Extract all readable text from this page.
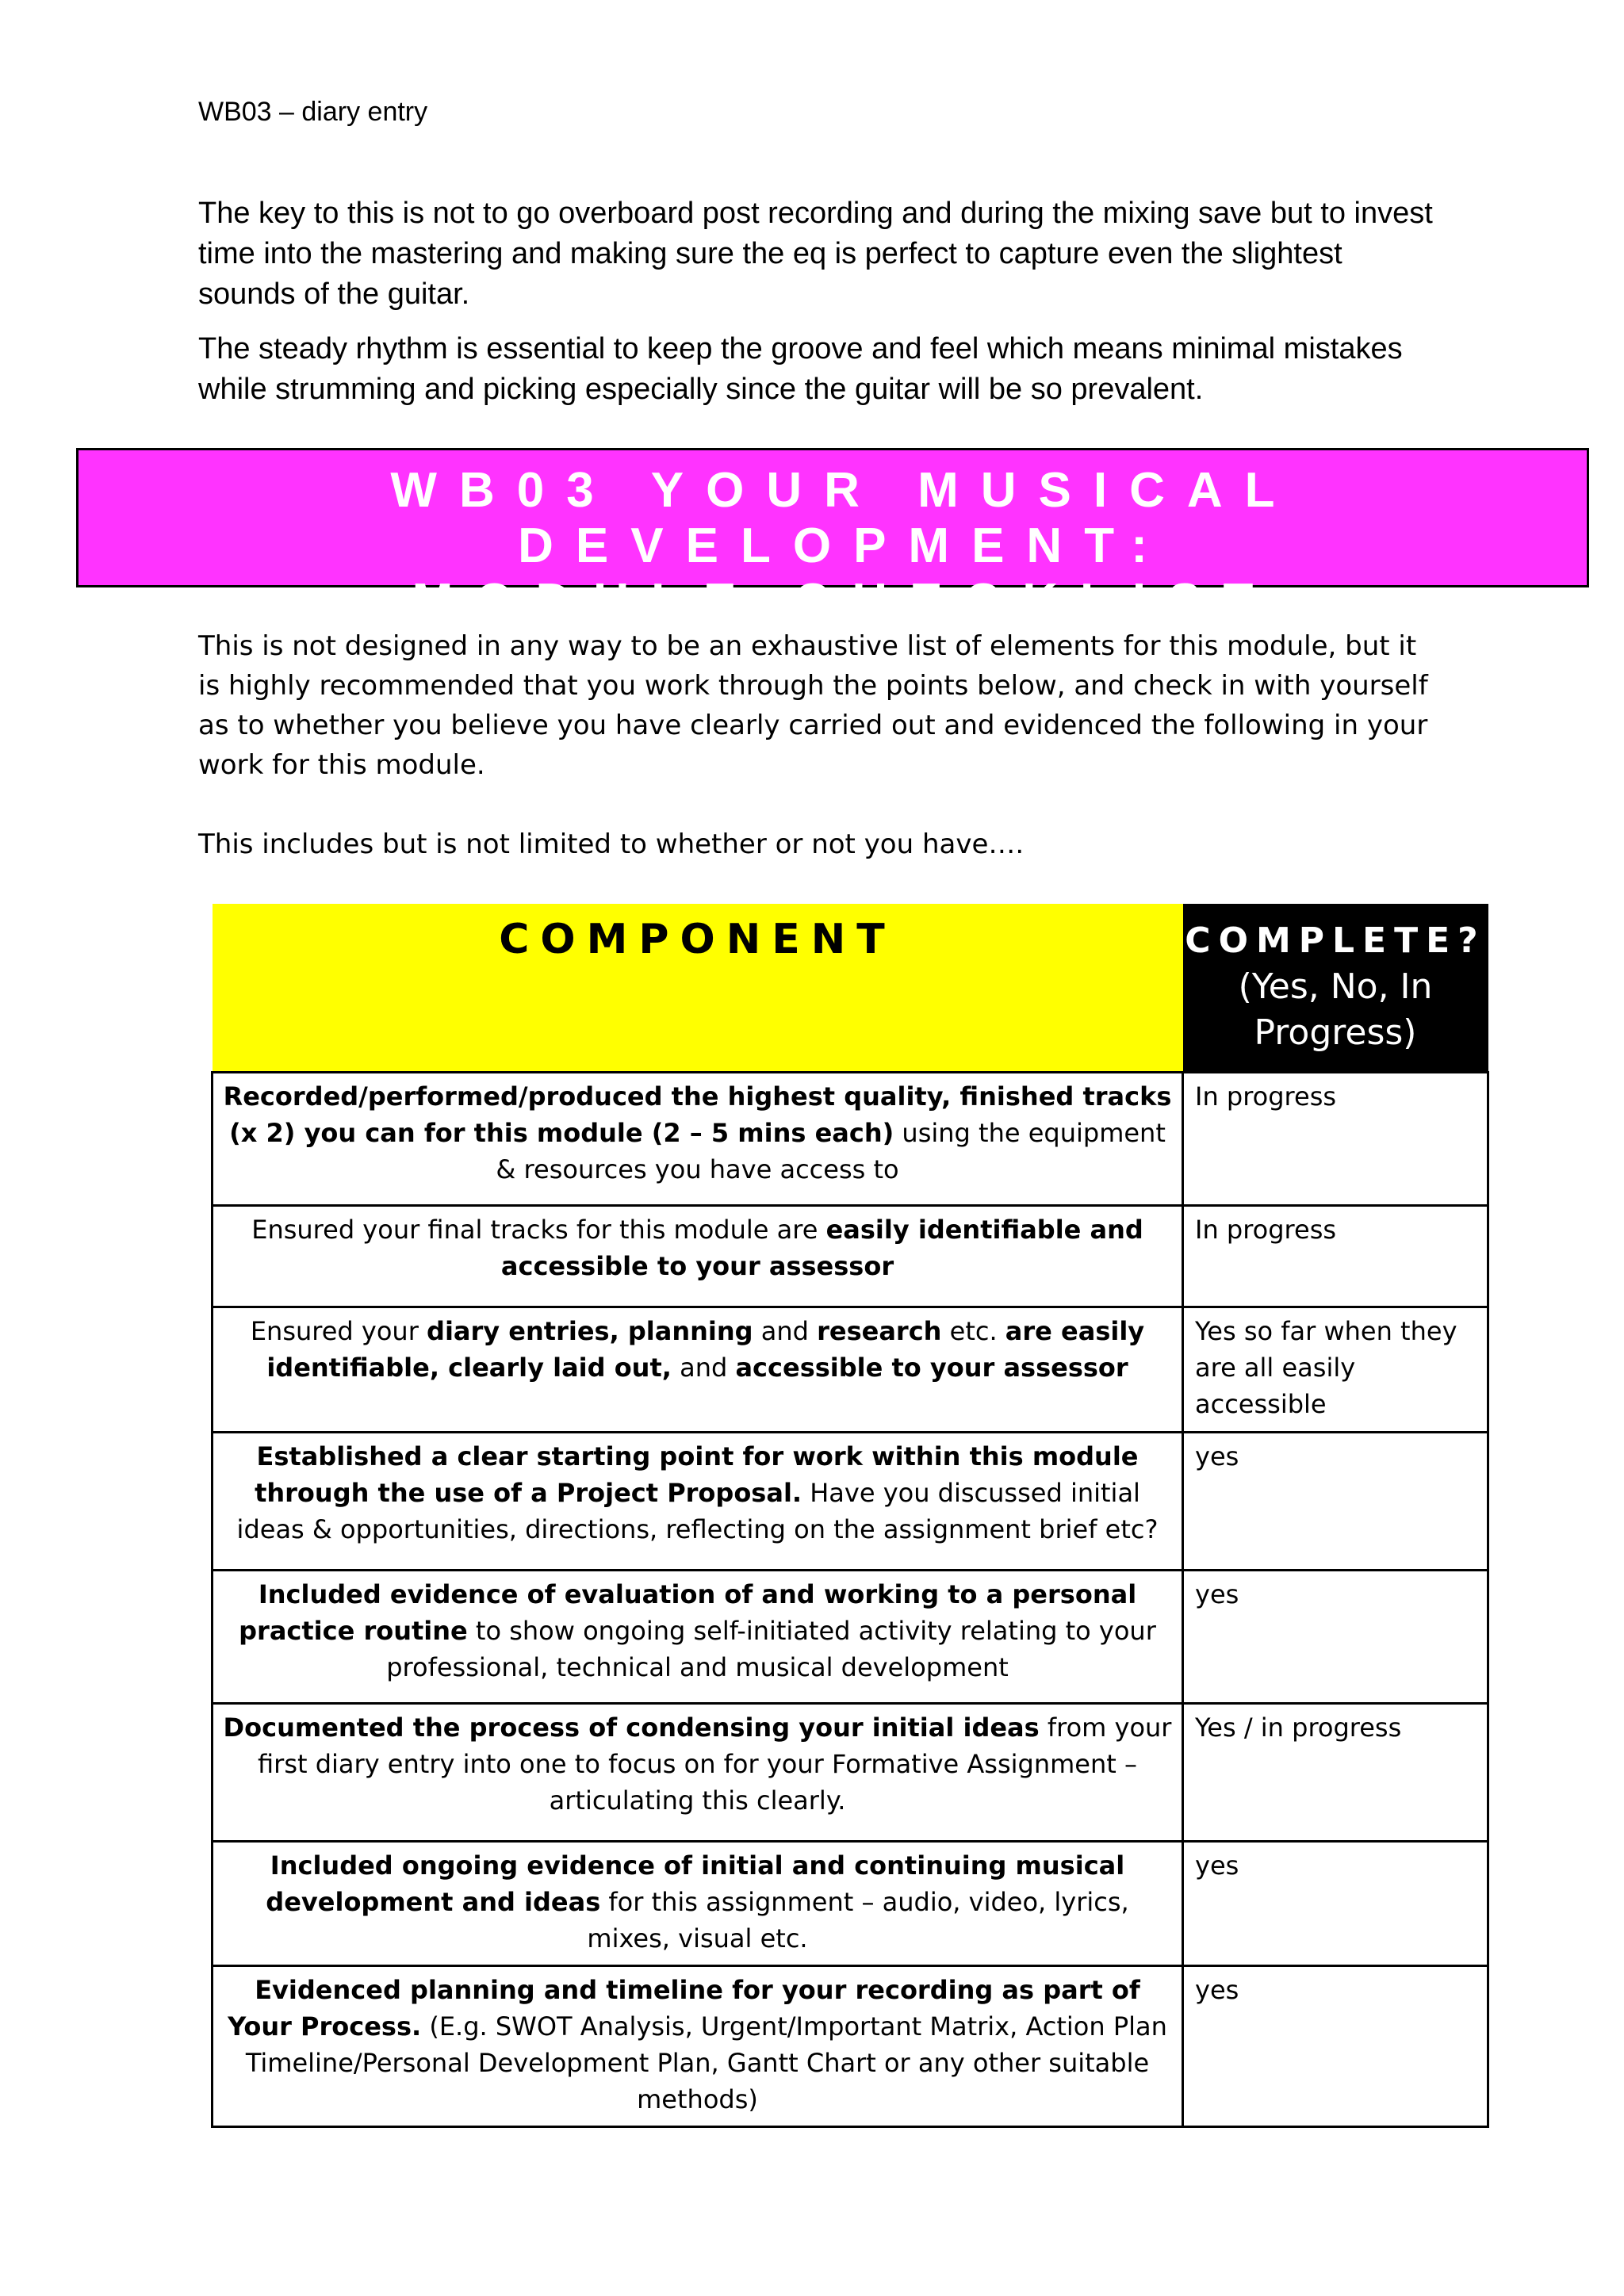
WB03 – diary entry

The key to this is not to go overboard post recording and during the mixing save but to invest time into the mastering and making sure the eq is perfect to capture even the slightest sounds of the guitar.

The steady rhythm is essential to keep the groove and feel which means minimal mistakes while strumming and picking especially since the guitar will be so prevalent.

WB03 YOUR MUSICAL DEVELOPMENT:
MODULE CHECKLIST

This is not designed in any way to be an exhaustive list of elements for this module, but it is highly recommended that you work through the points below, and check in with yourself as to whether you believe you have clearly carried out and evidenced the following in your work for this module.

This includes but is not limited to whether or not you have….

COMPONENT	COMPLETE?
(Yes, No, In Progress)

Recorded/performed/produced the highest quality, finished tracks (x 2) you can for this module (2 – 5 mins each) using the equipment & resources you have access to	In progress
Ensured your final tracks for this module are easily identifiable and accessible to your assessor	In progress
Ensured your diary entries, planning and research etc. are easily identifiable, clearly laid out, and accessible to your assessor	Yes so far when they are all easily accessible
Established a clear starting point for work within this module through the use of a Project Proposal. Have you discussed initial ideas & opportunities, directions, reflecting on the assignment brief etc?	yes
Included evidence of evaluation of and working to a personal practice routine to show ongoing self-initiated activity relating to your professional, technical and musical development	yes
Documented the process of condensing your initial ideas from your first diary entry into one to focus on for your Formative Assignment – articulating this clearly.	Yes / in progress
Included ongoing evidence of initial and continuing musical development and ideas for this assignment – audio, video, lyrics, mixes, visual etc.	yes
Evidenced planning and timeline for your recording as part of Your Process. (E.g. SWOT Analysis, Urgent/Important Matrix, Action Plan Timeline/Personal Development Plan, Gantt Chart or any other suitable methods)	yes
